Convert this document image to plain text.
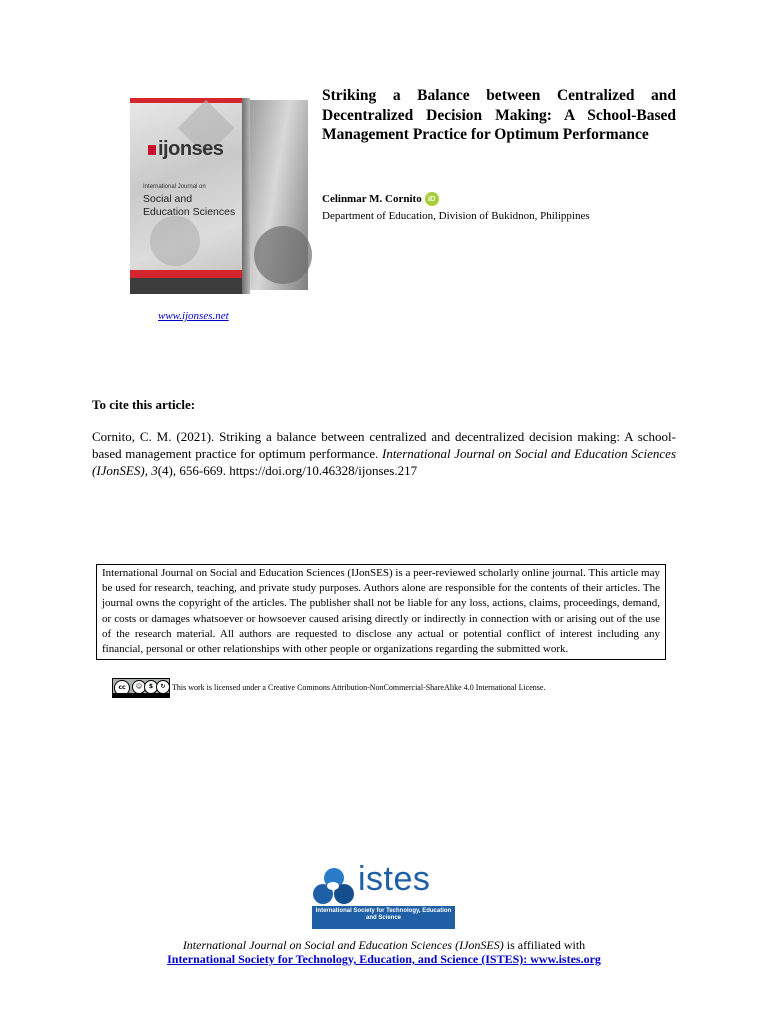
ijonses
International Journal on
Social and Education Sciences
www.ijonses.net
Striking a Balance between Centralized and Decentralized Decision Making: A School-Based Management Practice for Optimum Performance
Celinmar M. Cornito iD
Department of Education, Division of Bukidnon, Philippines
To cite this article:
Cornito, C. M. (2021). Striking a balance between centralized and decentralized decision making: A school-based management practice for optimum performance. International Journal on Social and Education Sciences (IJonSES), 3(4), 656-669. https://doi.org/10.46328/ijonses.217
International Journal on Social and Education Sciences (IJonSES) is a peer-reviewed scholarly online journal. This article may be used for research, teaching, and private study purposes. Authors alone are responsible for the contents of their articles. The journal owns the copyright of the articles. The publisher shall not be liable for any loss, actions, claims, proceedings, demand, or costs or damages whatsoever or howsoever caused arising directly or indirectly in connection with or arising out of the use of the research material. All authors are requested to disclose any actual or potential conflict of interest including any financial, personal or other relationships with other people or organizations regarding the submitted work.
cc	☺	$	↻ This work is licensed under a Creative Commons Attribution-NonCommercial-ShareAlike 4.0 International License.
istes
International Society for Technology, Education and Science
International Journal on Social and Education Sciences (IJonSES) is affiliated with
International Society for Technology, Education, and Science (ISTES): www.istes.org
